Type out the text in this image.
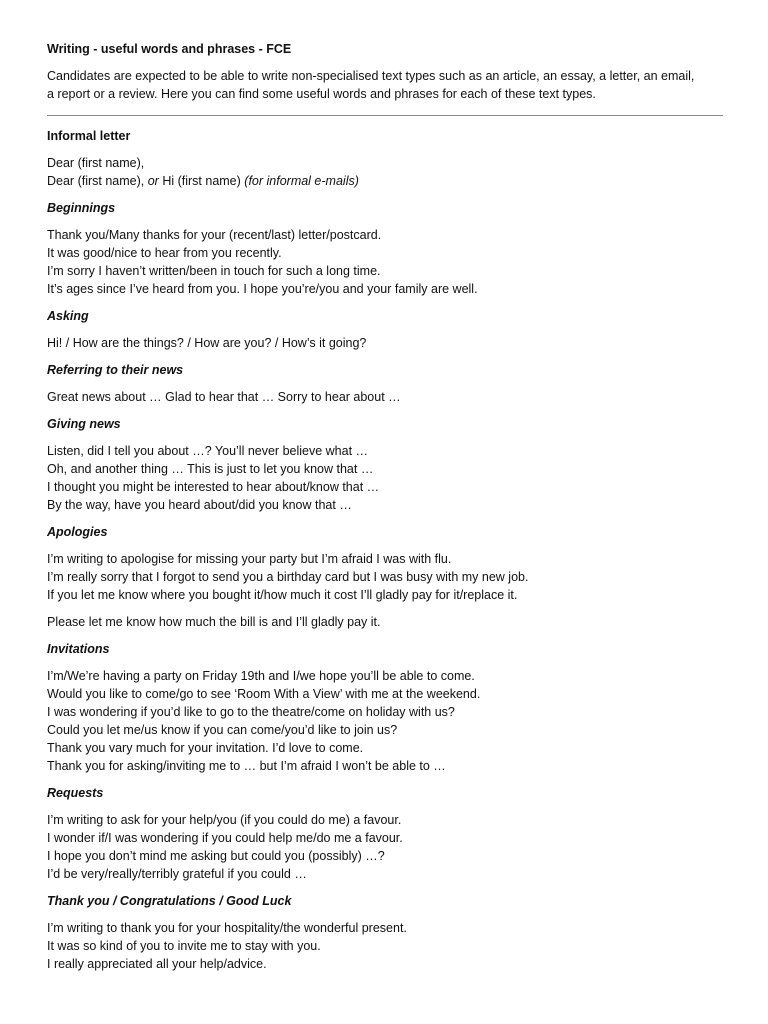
Writing - useful words and phrases - FCE

Candidates are expected to be able to write non-specialised text types such as an article, an essay, a letter, an email,
a report or a review. Here you can find some useful words and phrases for each of these text types.

Informal letter

Dear (first name),

Dear (first name), or Hi (first name) (for informal e-mails)

Beginnings

Thank you/Many thanks for your (recent/last) letter/postcard.

It was good/nice to hear from you recently.

I’m sorry I haven’t written/been in touch for such a long time.

It’s ages since I’ve heard from you. I hope you’re/you and your family are well.

Asking

Hi! / How are the things? / How are you? / How’s it going?

Referring to their news

Great news about … Glad to hear that … Sorry to hear about …

Giving news

Listen, did I tell you about …? You’ll never believe what …

Oh, and another thing … This is just to let you know that …

I thought you might be interested to hear about/know that …

By the way, have you heard about/did you know that …

Apologies

I’m writing to apologise for missing your party but I’m afraid I was with flu.

I’m really sorry that I forgot to send you a birthday card but I was busy with my new job.

If you let me know where you bought it/how much it cost I’ll gladly pay for it/replace it.

Please let me know how much the bill is and I’ll gladly pay it.

Invitations

I’m/We’re having a party on Friday 19th and I/we hope you’ll be able to come.

Would you like to come/go to see ‘Room With a View’ with me at the weekend.

I was wondering if you’d like to go to the theatre/come on holiday with us?

Could you let me/us know if you can come/you’d like to join us?

Thank you vary much for your invitation. I’d love to come.

Thank you for asking/inviting me to … but I’m afraid I won’t be able to …

Requests

I’m writing to ask for your help/you (if you could do me) a favour.

I wonder if/I was wondering if you could help me/do me a favour.

I hope you don’t mind me asking but could you (possibly) …?

I’d be very/really/terribly grateful if you could …

Thank you / Congratulations / Good Luck

I’m writing to thank you for your hospitality/the wonderful present.

It was so kind of you to invite me to stay with you.

I really appreciated all your help/advice.
